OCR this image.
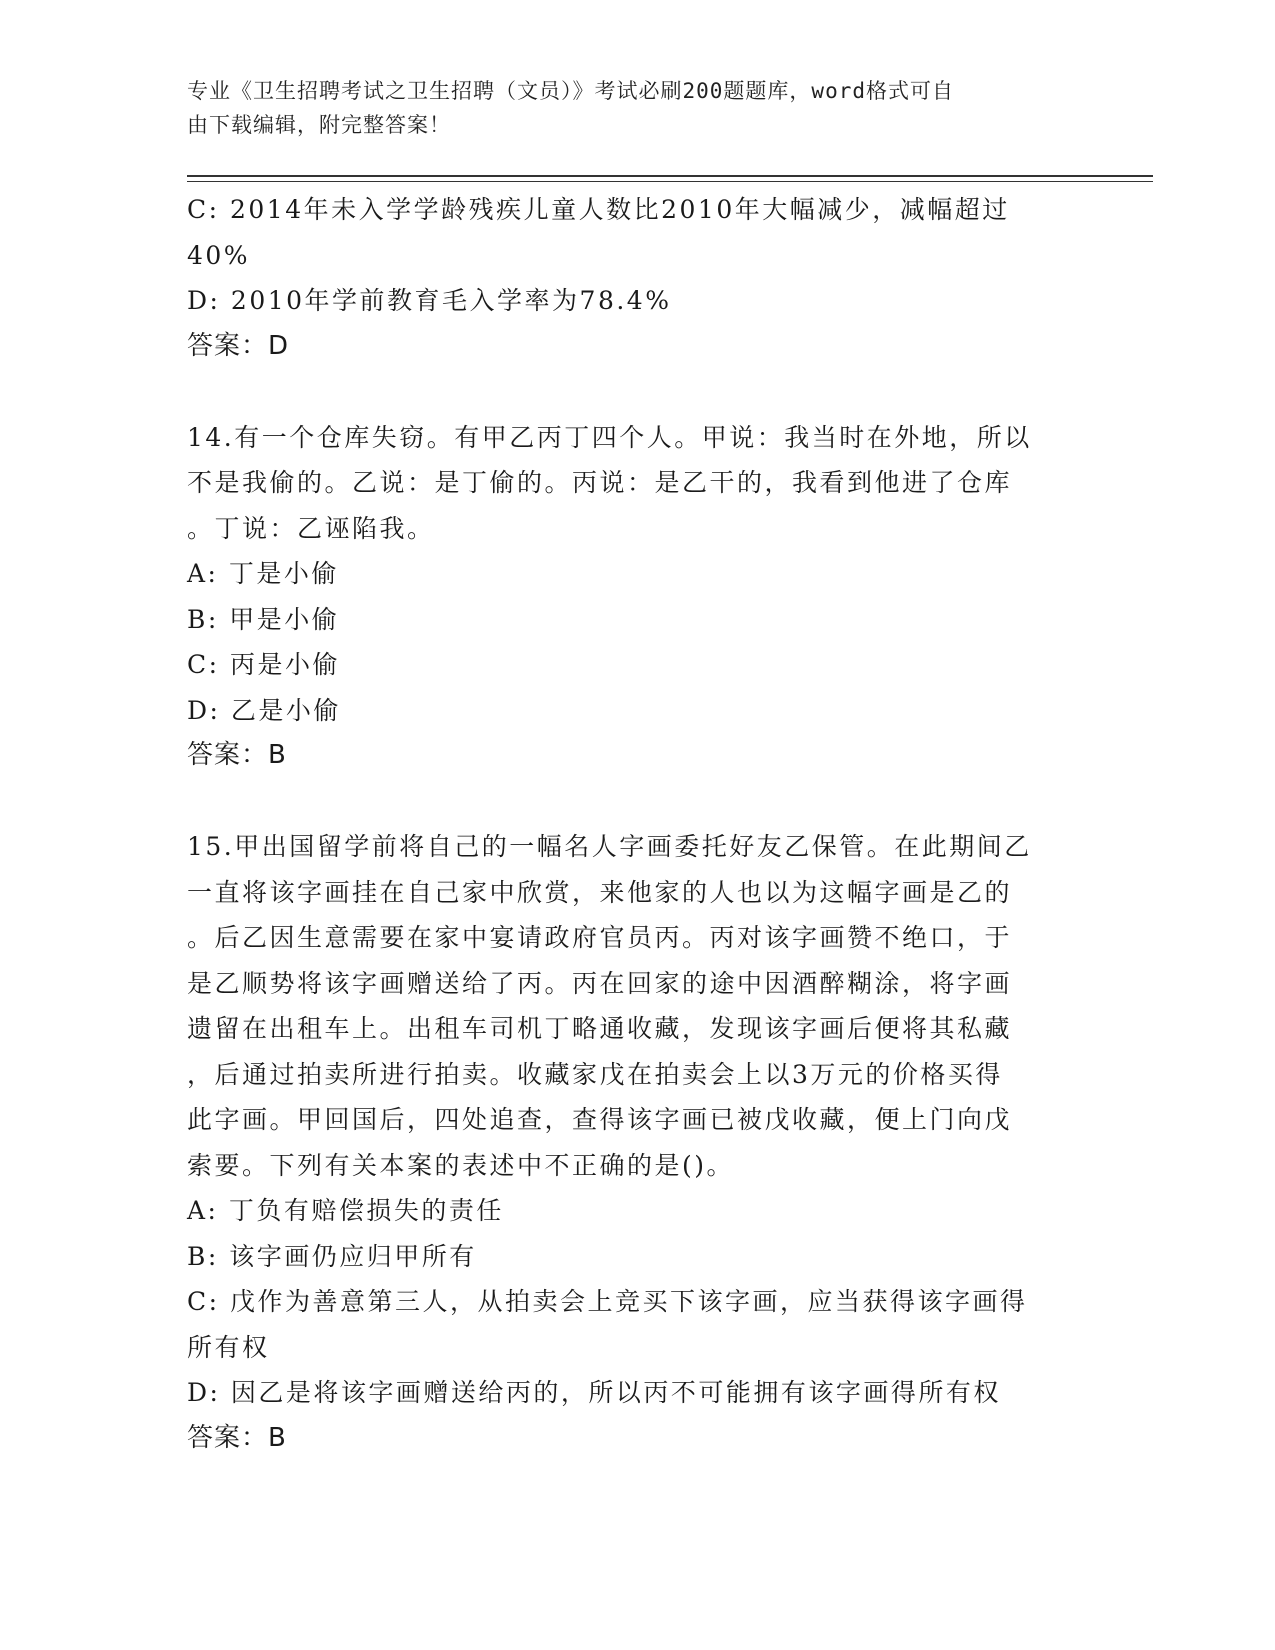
专业《卫生招聘考试之卫生招聘（文员）》考试必刷200题题库，word格式可自
由下载编辑，附完整答案！

C: 2014年未入学学龄残疾儿童人数比2010年大幅减少，减幅超过

40%

D: 2010年学前教育毛入学率为78.4%

答案：D

14.有一个仓库失窃。有甲乙丙丁四个人。甲说：我当时在外地，所以

不是我偷的。乙说：是丁偷的。丙说：是乙干的，我看到他进了仓库

。丁说：乙诬陷我。

A: 丁是小偷

B: 甲是小偷

C: 丙是小偷

D: 乙是小偷

答案：B

15.甲出国留学前将自己的一幅名人字画委托好友乙保管。在此期间乙

一直将该字画挂在自己家中欣赏，来他家的人也以为这幅字画是乙的

。后乙因生意需要在家中宴请政府官员丙。丙对该字画赞不绝口，于

是乙顺势将该字画赠送给了丙。丙在回家的途中因酒醉糊涂，将字画

遗留在出租车上。出租车司机丁略通收藏，发现该字画后便将其私藏

，后通过拍卖所进行拍卖。收藏家戊在拍卖会上以3万元的价格买得

此字画。甲回国后，四处追查，查得该字画已被戊收藏，便上门向戊

索要。下列有关本案的表述中不正确的是()。

A: 丁负有赔偿损失的责任

B: 该字画仍应归甲所有

C: 戊作为善意第三人，从拍卖会上竞买下该字画，应当获得该字画得

所有权

D: 因乙是将该字画赠送给丙的，所以丙不可能拥有该字画得所有权

答案：B
